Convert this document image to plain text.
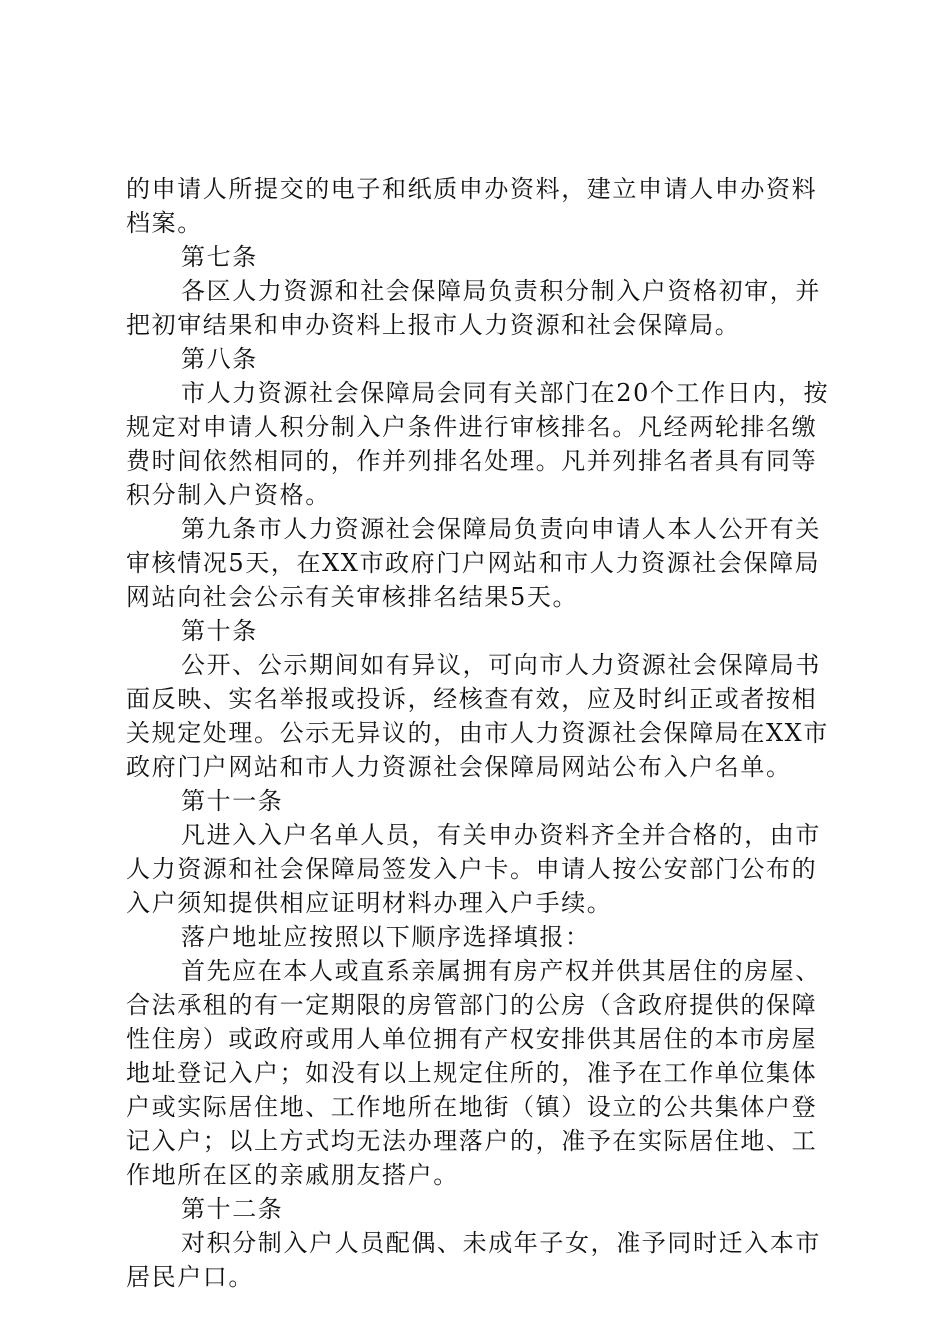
的申请人所提交的电子和纸质申办资料，建立申请人申办资料
档案。
第七条
各区人力资源和社会保障局负责积分制入户资格初审，并
把初审结果和申办资料上报市人力资源和社会保障局。
第八条
市人力资源社会保障局会同有关部门在20个工作日内，按
规定对申请人积分制入户条件进行审核排名。凡经两轮排名缴
费时间依然相同的，作并列排名处理。凡并列排名者具有同等
积分制入户资格。
第九条市人力资源社会保障局负责向申请人本人公开有关
审核情况5天，在XX市政府门户网站和市人力资源社会保障局
网站向社会公示有关审核排名结果5天。
第十条
公开、公示期间如有异议，可向市人力资源社会保障局书
面反映、实名举报或投诉，经核查有效，应及时纠正或者按相
关规定处理。公示无异议的，由市人力资源社会保障局在XX市
政府门户网站和市人力资源社会保障局网站公布入户名单。
第十一条
凡进入入户名单人员，有关申办资料齐全并合格的，由市
人力资源和社会保障局签发入户卡。申请人按公安部门公布的
入户须知提供相应证明材料办理入户手续。
落户地址应按照以下顺序选择填报：
首先应在本人或直系亲属拥有房产权并供其居住的房屋、
合法承租的有一定期限的房管部门的公房（含政府提供的保障
性住房）或政府或用人单位拥有产权安排供其居住的本市房屋
地址登记入户；如没有以上规定住所的，准予在工作单位集体
户或实际居住地、工作地所在地街（镇）设立的公共集体户登
记入户；以上方式均无法办理落户的，准予在实际居住地、工
作地所在区的亲戚朋友搭户。
第十二条
对积分制入户人员配偶、未成年子女，准予同时迁入本市
居民户口。
